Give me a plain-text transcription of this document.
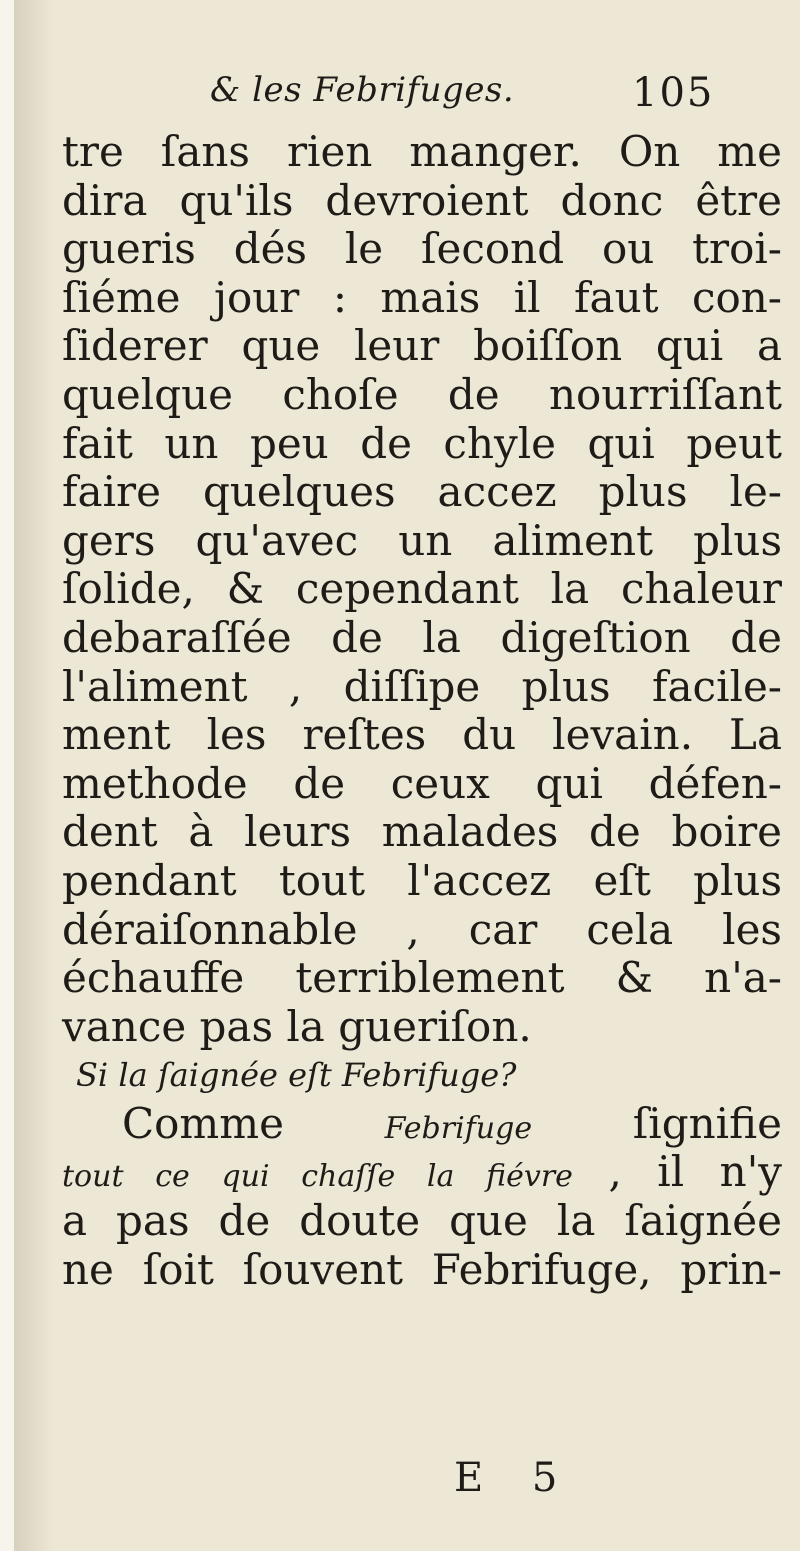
& les Febrifuges.	105
tre ſans rien manger. On me
dira qu'ils devroient donc être
gueris dés le ſecond ou troi-
ſiéme jour : mais il faut con-
ſiderer que leur boiſſon qui a
quelque choſe de nourriſſant
fait un peu de chyle qui peut
faire quelques accez plus le-
gers qu'avec un aliment plus
ſolide, & cependant la chaleur
debaraſſée de la digeſtion de
l'aliment , diſſipe plus facile-
ment les reſtes du levain. La
methode de ceux qui défen-
dent à leurs malades de boire
pendant tout l'accez eſt plus
déraiſonnable , car cela les
échauffe terriblement & n'a-
vance pas la gueriſon.
Si la ſaignée eſt Febrifuge?
Comme	Febrifuge ſignifie
tout ce qui chaſſe la fiévre , il n'y
a pas de doute que la ſaignée
ne ſoit ſouvent Febrifuge, prin-
E 5
